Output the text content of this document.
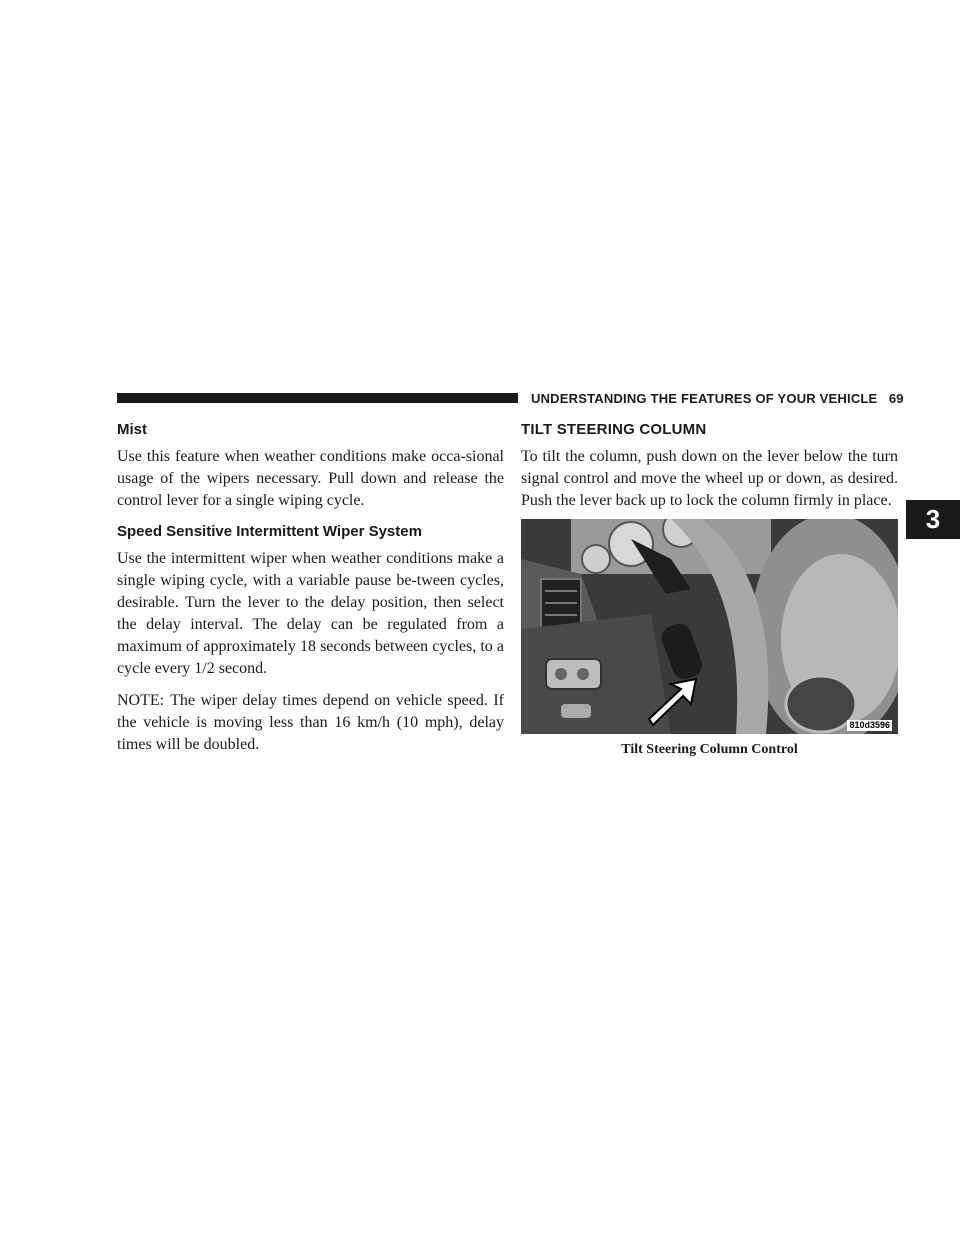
UNDERSTANDING THE FEATURES OF YOUR VEHICLE 69
Mist

Use this feature when weather conditions make occa-sional usage of the wipers necessary. Pull down and release the control lever for a single wiping cycle.

Speed Sensitive Intermittent Wiper System

Use the intermittent wiper when weather conditions make a single wiping cycle, with a variable pause be-tween cycles, desirable. Turn the lever to the delay position, then select the delay interval. The delay can be regulated from a maximum of approximately 18 seconds between cycles, to a cycle every 1/2 second.

NOTE: The wiper delay times depend on vehicle speed. If the vehicle is moving less than 16 km/h (10 mph), delay times will be doubled.

TILT STEERING COLUMN

To tilt the column, push down on the lever below the turn signal control and move the wheel up or down, as desired. Push the lever back up to lock the column firmly in place.

810d3596
Tilt Steering Column Control
3
